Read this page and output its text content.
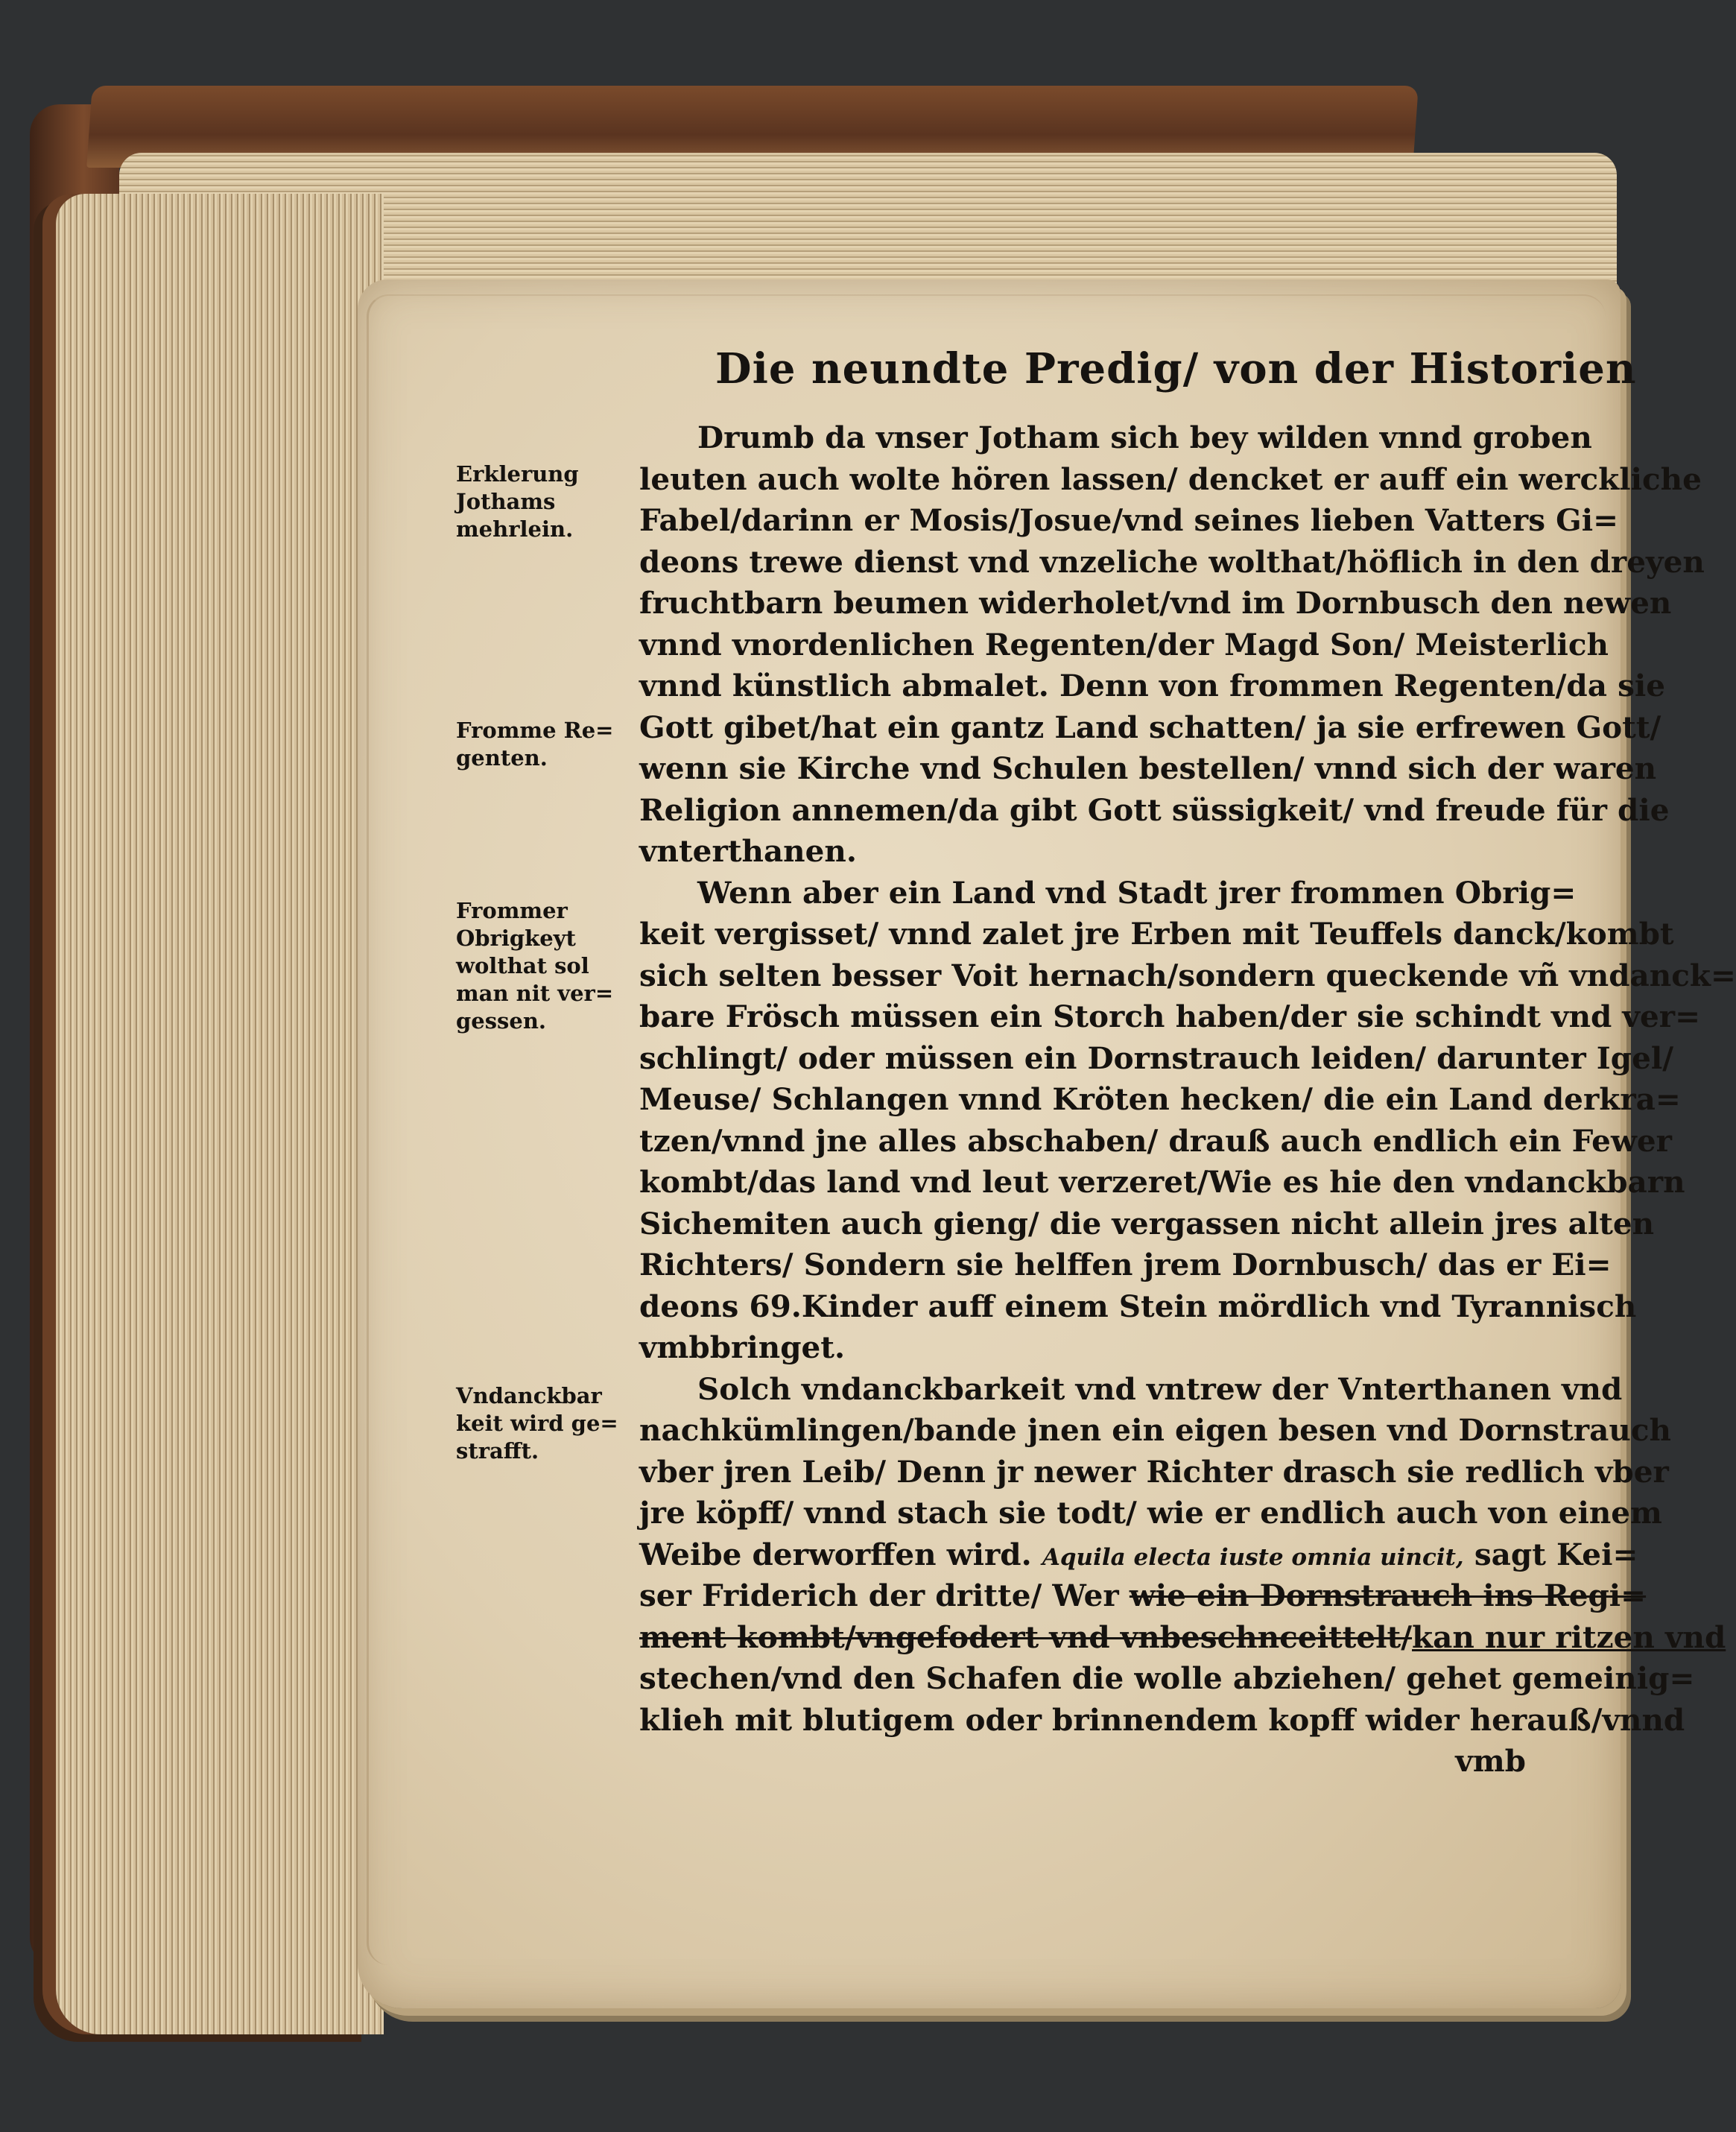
Die neundte Predig/ von der Historien
Erklerung
Jothams
mehrlein.
Fromme Re=
genten.
Frommer
Obrigkeyt
wolthat sol
man nit ver=
gessen.
Vndanckbar
keit wird ge=
strafft.
Drumb da vnser Jotham sich bey wilden vnnd groben
leuten auch wolte hören lassen/ dencket er auff ein werckliche
Fabel/darinn er Mosis/Josue/vnd seines lieben Vatters Gi=
deons trewe dienst vnd vnzeliche wolthat/höflich in den dreyen
fruchtbarn beumen widerholet/vnd im Dornbusch den newen
vnnd vnordenlichen Regenten/der Magd Son/ Meisterlich
vnnd künstlich abmalet. Denn von frommen Regenten/da sie
Gott gibet/hat ein gantz Land schatten/ ja sie erfrewen Gott/
wenn sie Kirche vnd Schulen bestellen/ vnnd sich der waren
Religion annemen/da gibt Gott süssigkeit/ vnd freude für die
vnterthanen.
Wenn aber ein Land vnd Stadt jrer frommen Obrig=
keit vergisset/ vnnd zalet jre Erben mit Teuffels danck/kombt
sich selten besser Voit hernach/sondern queckende vñ vndanck=
bare Frösch müssen ein Storch haben/der sie schindt vnd ver=
schlingt/ oder müssen ein Dornstrauch leiden/ darunter Igel/
Meuse/ Schlangen vnnd Kröten hecken/ die ein Land derkra=
tzen/vnnd jne alles abschaben/ drauß auch endlich ein Fewer
kombt/das land vnd leut verzeret/Wie es hie den vndanckbarn
Sichemiten auch gieng/ die vergassen nicht allein jres alten
Richters/ Sondern sie helffen jrem Dornbusch/ das er Ei=
deons 69.Kinder auff einem Stein mördlich vnd Tyrannisch
vmbbringet.
Solch vndanckbarkeit vnd vntrew der Vnterthanen vnd
nachkümlingen/bande jnen ein eigen besen vnd Dornstrauch
vber jren Leib/ Denn jr newer Richter drasch sie redlich vber
jre köpff/ vnnd stach sie todt/ wie er endlich auch von einem
Weibe derworffen wird. Aquila electa iuste omnia uincit, sagt Kei=
ser Friderich der dritte/ Wer wie ein Dornstrauch ins Regi=
ment kombt/vngefodert vnd vnbeschnceittelt/kan nur ritzen vnd
stechen/vnd den Schafen die wolle abziehen/ gehet gemeinig=
klieh mit blutigem oder brinnendem kopff wider herauß/vnnd
vmb
